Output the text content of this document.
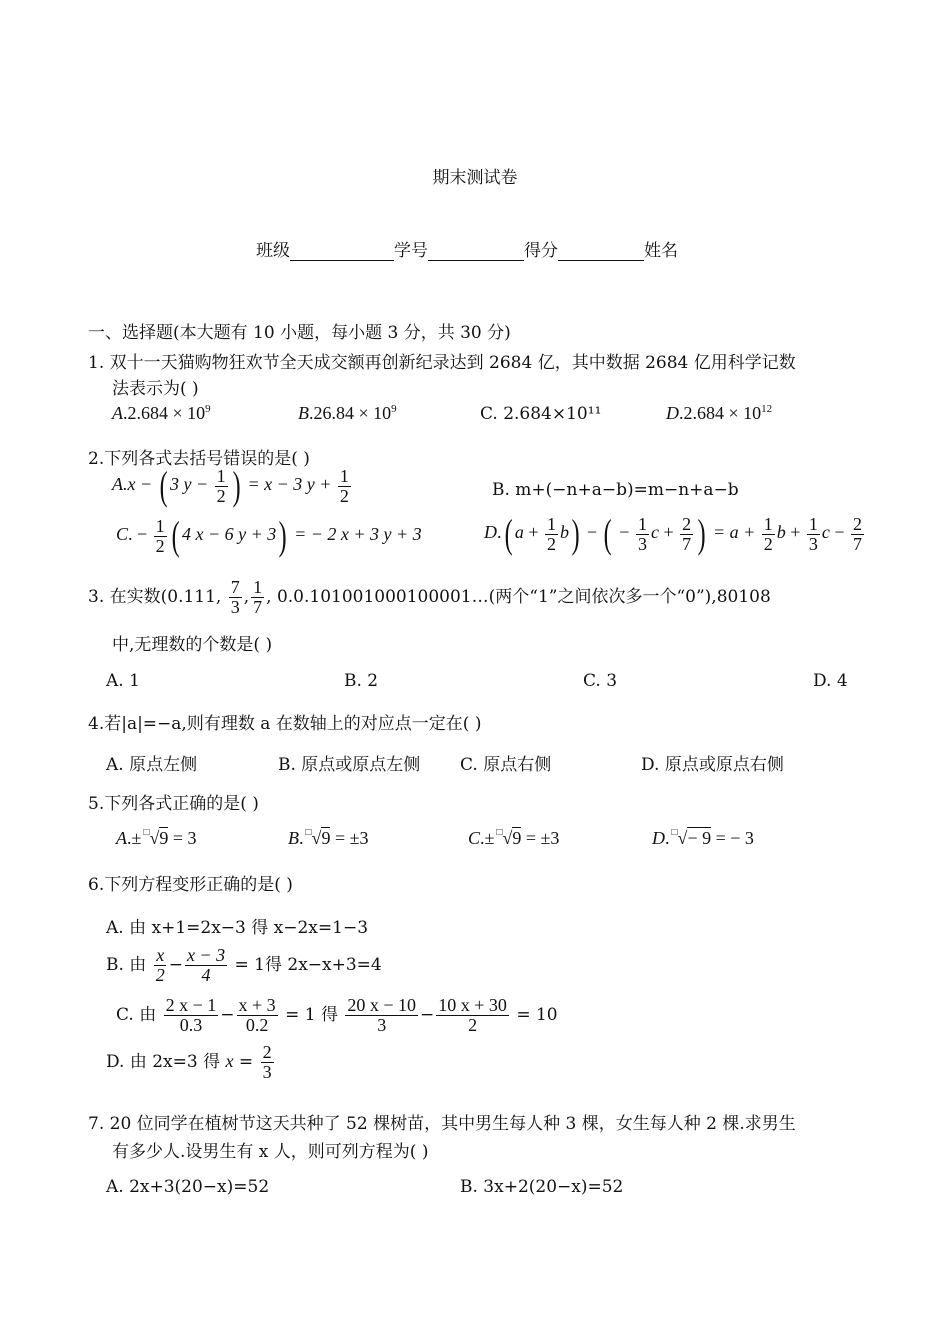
期末测试卷
班级	学号	得分	姓名
一、选择题(本大题有 10 小题，每小题 3 分，共 30 分)
1. 双十一天猫购物狂欢节全天成交额再创新纪录达到 2684 亿，其中数据 2684 亿用科学记数
法表示为( )
$A.2.684 \times 10^9$	$B.26.84 \times 10^9$	C. 2.684×10¹¹	$D.2.684 \times 10^{12}$
2.下列各式去括号错误的是( )
A.x − ( 3 $y - \frac{1}{2}$ ) = x − 3 $y + \frac{1}{2}$	B. m+(−n+a−b)=m−n+a−b
C. − $\frac{1}{2}$ ( 4 x − 6 y + 3) = − 2 x + 3 y + 3	D.( $a + \frac{1}{2} b$) − ( − $\frac{1}{3}$ $c + \frac{2}{7}$ ) = $a + \frac{1}{2}$ $b + \frac{1}{3}$ $c - \frac{2}{7}$
3. 在实数(0.111, $\frac{7}{3}$ , $\frac{1}{7}$ , 0.0.101001000100001…(两个“1”之间依次多一个“0”),80108
中,无理数的个数是( )
A. 1	B. 2	C. 3	D. 4
4.若|a|=−a,则有理数 a 在数轴上的对应点一定在( )
A. 原点左侧	B. 原点或原点左侧 C. 原点右侧	D. 原点或原点右侧
5.下列各式正确的是( )
A.± □√9 = 3	B. □√9 = ±3	C.± □√9 = ±3	D. □√− 9 = − 3
6.下列方程变形正确的是( )
A. 由 x+1=2x−3 得 x−2x=1−3
B. 由 $\frac{x}{2} - \frac{x - 3}{4} = 1$得 2x−x+3=4
C. 由 $\frac{2 x - 1}{0.3} - \frac{x + 3}{0.2} = 1$ 得 $\frac{20 x - 10}{3} - \frac{10 x + 30}{2} = 10$
D. 由 2x=3 得 $x = \frac{2}{3}$
7. 20 位同学在植树节这天共种了 52 棵树苗，其中男生每人种 3 棵，女生每人种 2 棵.求男生
有多少人.设男生有 x 人，则可列方程为( )
A. 2x+3(20−x)=52	B. 3x+2(20−x)=52
